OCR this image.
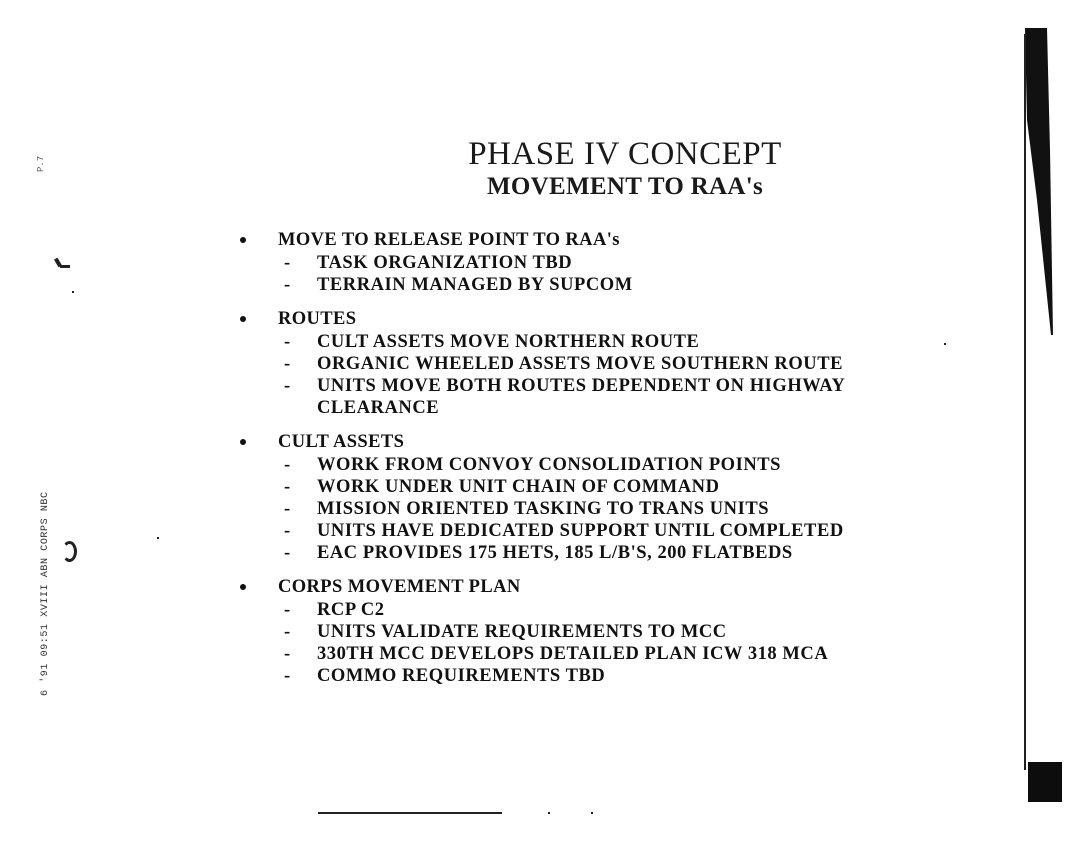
P.7
6 '91 09:51 XVIII ABN CORPS NBC
PHASE IV CONCEPT
MOVEMENT TO RAA's
MOVE TO RELEASE POINT TO RAA's
- TASK ORGANIZATION TBD
- TERRAIN MANAGED BY SUPCOM
ROUTES
- CULT ASSETS MOVE NORTHERN ROUTE
- ORGANIC WHEELED ASSETS MOVE SOUTHERN ROUTE
- UNITS MOVE BOTH ROUTES DEPENDENT ON HIGHWAY
CLEARANCE
CULT ASSETS
- WORK FROM CONVOY CONSOLIDATION POINTS
- WORK UNDER UNIT CHAIN OF COMMAND
- MISSION ORIENTED TASKING TO TRANS UNITS
- UNITS HAVE DEDICATED SUPPORT UNTIL COMPLETED
- EAC PROVIDES 175 HETS, 185 L/B'S, 200 FLATBEDS
CORPS MOVEMENT PLAN
- RCP C2
- UNITS VALIDATE REQUIREMENTS TO MCC
- 330TH MCC DEVELOPS DETAILED PLAN ICW 318 MCA
- COMMO REQUIREMENTS TBD
